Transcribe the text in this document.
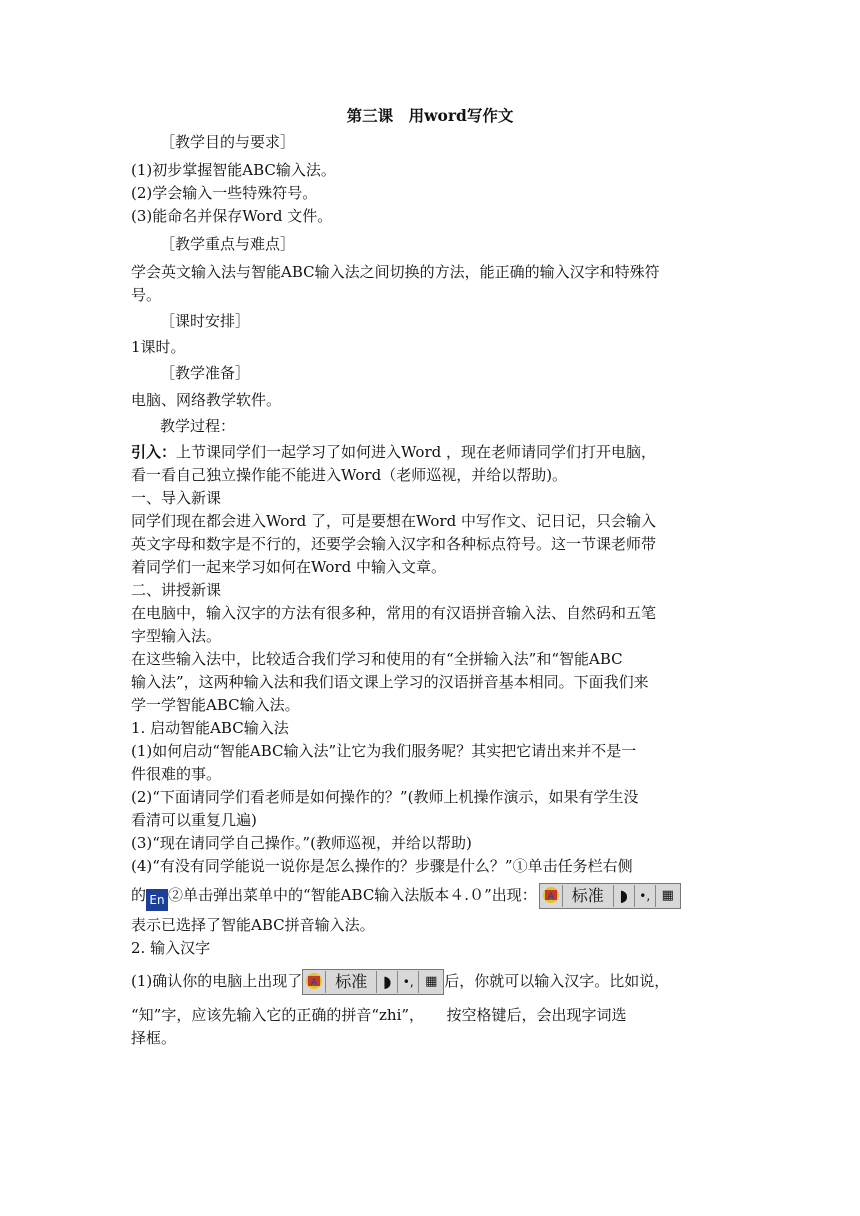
第三课　用word写作文
［教学目的与要求］
(1)初步掌握智能ABC输入法。
(2)学会输入一些特殊符号。
(3)能命名并保存Word 文件。
［教学重点与难点］
学会英文输入法与智能ABC输入法之间切换的方法，能正确的输入汉字和特殊符
号。
［课时安排］
1课时。
［教学准备］
电脑、网络教学软件。
教学过程：
引入：上节课同学们一起学习了如何进入Word ，现在老师请同学们打开电脑，
看一看自己独立操作能不能进入Word（老师巡视，并给以帮助)。
一、导入新课
同学们现在都会进入Word 了，可是要想在Word 中写作文、记日记，只会输入
英文字母和数字是不行的，还要学会输入汉字和各种标点符号。这一节课老师带
着同学们一起来学习如何在Word 中输入文章。
二、讲授新课
在电脑中，输入汉字的方法有很多种，常用的有汉语拼音输入法、自然码和五笔
字型输入法。
在这些输入法中，比较适合我们学习和使用的有“全拼输入法”和“智能ABC
输入法”，这两种输入法和我们语文课上学习的汉语拼音基本相同。下面我们来
学一学智能ABC输入法。
1. 启动智能ABC输入法
(1)如何启动“智能ABC输入法”让它为我们服务呢？其实把它请出来并不是一
件很难的事。
(2)“下面请同学们看老师是如何操作的？”(教师上机操作演示，如果有学生没
看清可以重复几遍)
(3)“现在请同学自己操作。”(教师巡视，并给以帮助)
(4)“有没有同学能说一说你是怎么操作的？步骤是什么？”①单击任务栏右侧
的 En ②单击弹出菜单中的“智能ABC输入法版本４.０”出现： A 标准 ◗ •, ▦
表示已选择了智能ABC拼音输入法。
2. 输入汉字
(1)确认你的电脑上出现了 A 标准 ◗ •, ▦ 后，你就可以输入汉字。比如说，
“知”字，应该先输入它的正确的拼音“zhi”，　　按空格键后，会出现字词选
择框。
